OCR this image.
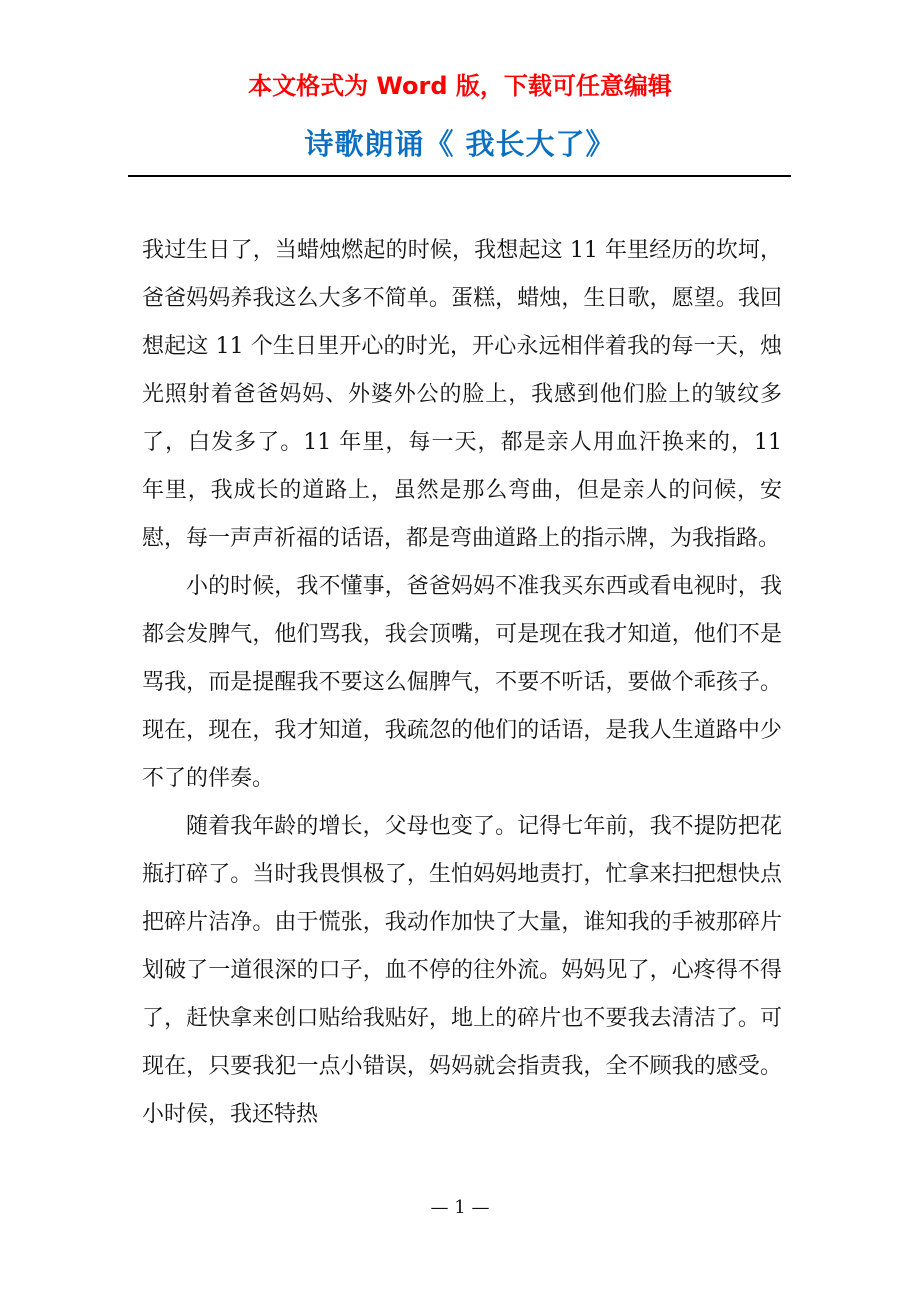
本文格式为 Word 版，下载可任意编辑
诗歌朗诵《 我长大了》

我过生日了，当蜡烛燃起的时候，我想起这 11 年里经历的坎坷，爸爸妈妈养我这么大多不简单。蛋糕，蜡烛，生日歌，愿望。我回想起这 11 个生日里开心的时光，开心永远相伴着我的每一天，烛光照射着爸爸妈妈、外婆外公的脸上，我感到他们脸上的皱纹多了，白发多了。11 年里，每一天，都是亲人用血汗换来的，11 年里，我成长的道路上，虽然是那么弯曲，但是亲人的问候，安慰，每一声声祈福的话语，都是弯曲道路上的指示牌，为我指路。

小的时候，我不懂事，爸爸妈妈不准我买东西或看电视时，我都会发脾气，他们骂我，我会顶嘴，可是现在我才知道，他们不是骂我，而是提醒我不要这么倔脾气，不要不听话，要做个乖孩子。现在，现在，我才知道，我疏忽的他们的话语，是我人生道路中少不了的伴奏。

随着我年龄的增长，父母也变了。记得七年前，我不提防把花瓶打碎了。当时我畏惧极了，生怕妈妈地责打，忙拿来扫把想快点把碎片洁净。由于慌张，我动作加快了大量，谁知我的手被那碎片划破了一道很深的口子，血不停的往外流。妈妈见了，心疼得不得了，赶快拿来创口贴给我贴好，地上的碎片也不要我去清洁了。可现在，只要我犯一点小错误，妈妈就会指责我，全不顾我的感受。小时侯，我还特热

— 1 —
